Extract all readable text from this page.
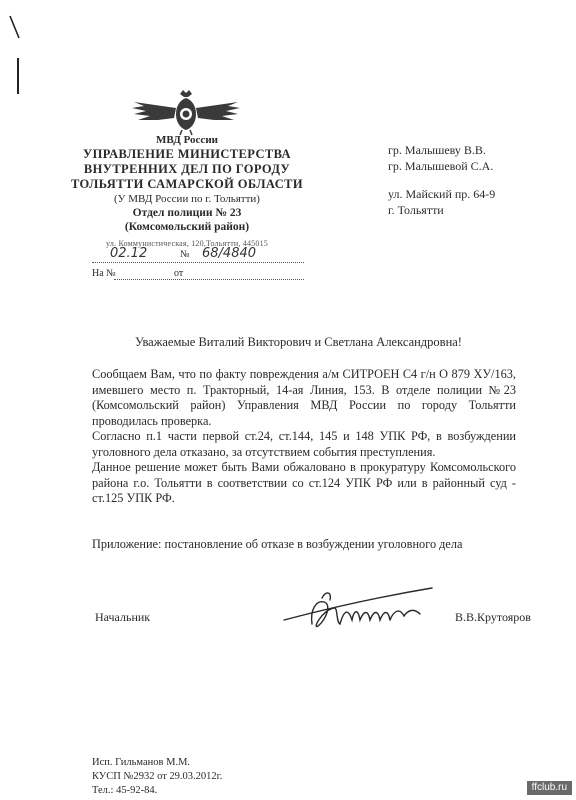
МВД России
УПРАВЛЕНИЕ МИНИСТЕРСТВА
ВНУТРЕННИХ ДЕЛ ПО ГОРОДУ
ТОЛЬЯТТИ САМАРСКОЙ ОБЛАСТИ
(У МВД России по г. Тольятти)
Отдел полиции № 23
(Комсомольский район)
ул. Коммунистическая, 120,Тольятти, 445015
02.12	№ 68/4840
На №	от
гр. Малышеву В.В.
гр. Малышевой С.А.
ул. Майский пр. 64-9
г. Тольятти
Уважаемые Виталий Викторович и Светлана Александровна!

Сообщаем Вам, что по факту повреждения а/м СИТРОЕН С4 г/н О 879 ХУ/163, имевшего место п. Тракторный, 14-ая Линия, 153. В отделе полиции №23 (Комсомольский район) Управления МВД России по городу Тольятти проводилась проверка.

Согласно п.1 части первой ст.24, ст.144, 145 и 148 УПК РФ, в возбуждении уголовного дела отказано, за отсутствием события преступления.

Данное решение может быть Вами обжаловано в прокуратуру Комсомольского района г.о. Тольятти в соответствии со ст.124 УПК РФ или в районный суд - ст.125 УПК РФ.

Приложение: постановление об отказе в возбуждении уголовного дела
Начальник	В.В.Крутояров
Исп. Гильманов М.М.
КУСП №2932 от 29.03.2012г.
Тел.: 45-92-84.	ffclub.ru
